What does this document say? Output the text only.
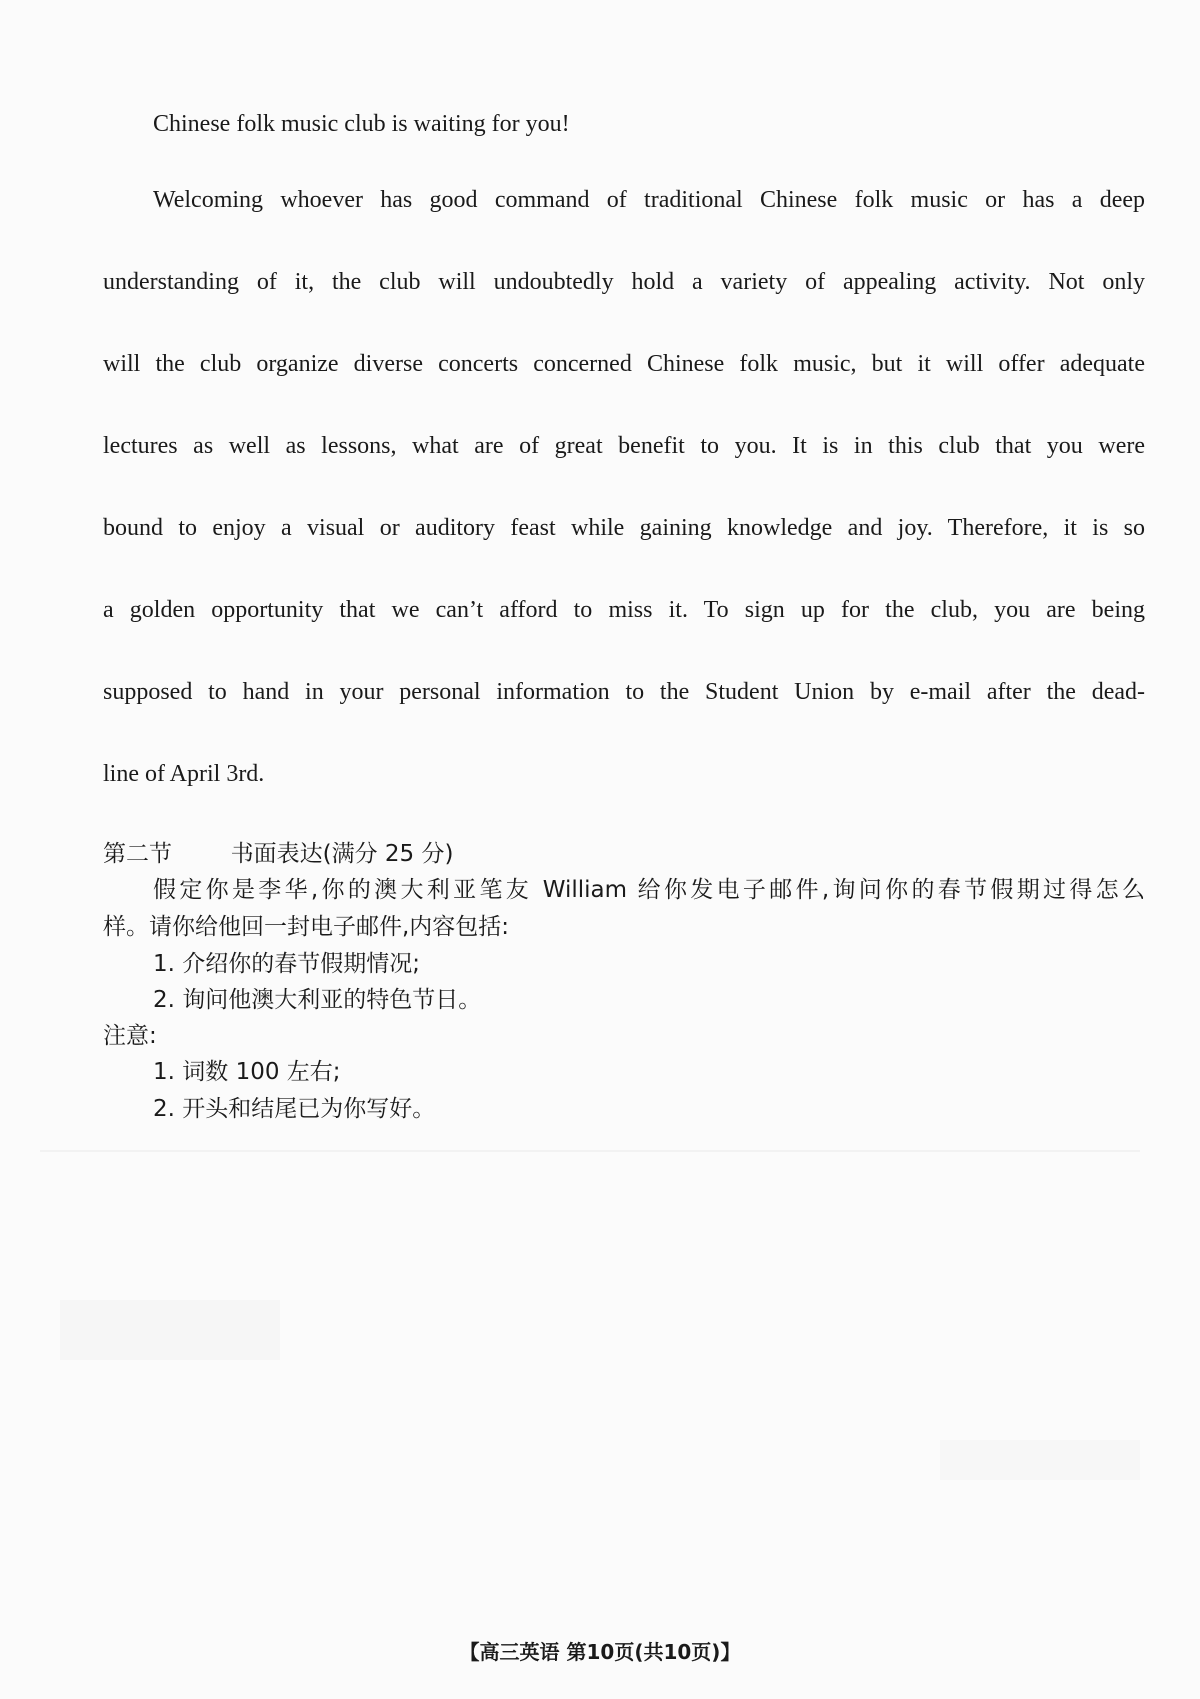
Chinese folk music club is waiting for you!
Welcoming whoever has good command of traditional Chinese folk music or has a deep
understanding of it, the club will undoubtedly hold a variety of appealing activity. Not only
will the club organize diverse concerts concerned Chinese folk music, but it will offer adequate
lectures as well as lessons, what are of great benefit to you. It is in this club that you were
bound to enjoy a visual or auditory feast while gaining knowledge and joy. Therefore, it is so
a golden opportunity that we can’t afford to miss it. To sign up for the club, you are being
supposed to hand in your personal information to the Student Union by e-mail after the dead-
line of April 3rd.
第二节	书面表达(满分 25 分)
假定你是李华,你的澳大利亚笔友 William 给你发电子邮件,询问你的春节假期过得怎么
样。请你给他回一封电子邮件,内容包括:
1. 介绍你的春节假期情况;
2. 询问他澳大利亚的特色节日。
注意:
1. 词数 100 左右;
2. 开头和结尾已为你写好。
【高三英语 第10页(共10页)】
